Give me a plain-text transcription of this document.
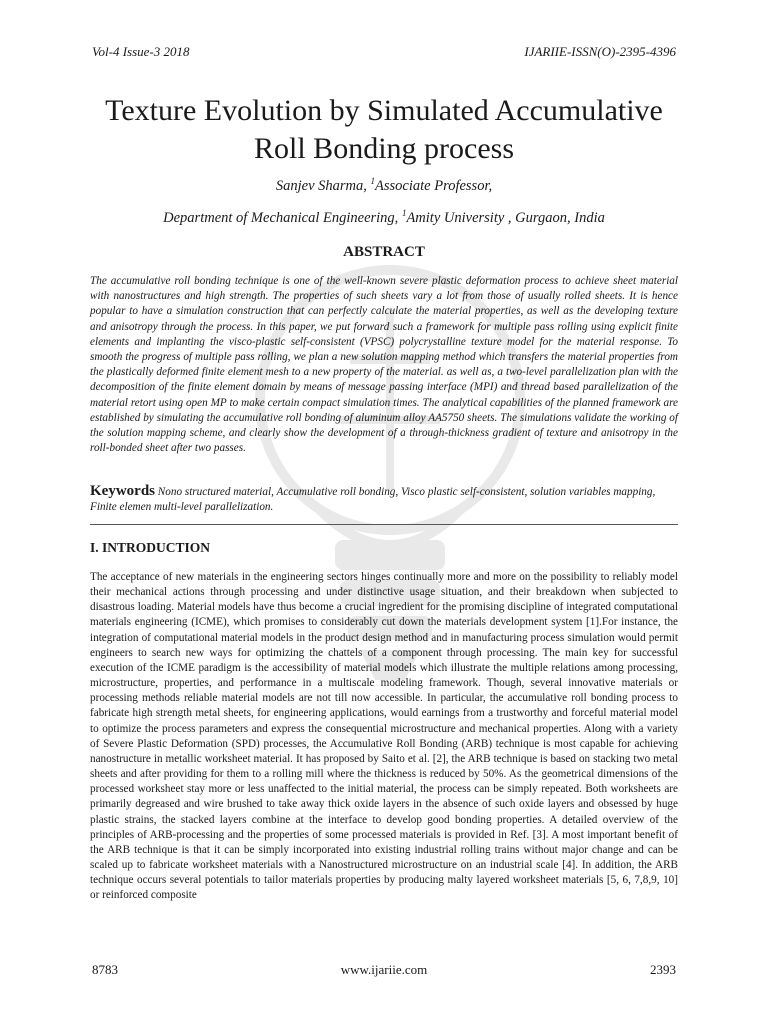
Vol-4 Issue-3 2018	IJARIIE-ISSN(O)-2395-4396
Texture Evolution by Simulated Accumulative
Roll Bonding process
Sanjev Sharma, $^1$Associate Professor,
Department of Mechanical Engineering, $^1$Amity University , Gurgaon, India
ABSTRACT

The accumulative roll bonding technique is one of the well-known severe plastic deformation process to achieve sheet material with nanostructures and high strength. The properties of such sheets vary a lot from those of usually rolled sheets. It is hence popular to have a simulation construction that can perfectly calculate the material properties, as well as the developing texture and anisotropy through the process. In this paper, we put forward such a framework for multiple pass rolling using explicit finite elements and implanting the visco-plastic self-consistent (VPSC) polycrystalline texture model for the material response. To smooth the progress of multiple pass rolling, we plan a new solution mapping method which transfers the material properties from the plastically deformed finite element mesh to a new property of the material. as well as, a two-level parallelization plan with the decomposition of the finite element domain by means of message passing interface (MPI) and thread based parallelization of the material retort using open MP to make certain compact simulation times. The analytical capabilities of the planned framework are established by simulating the accumulative roll bonding of aluminum alloy AA5750 sheets. The simulations validate the working of the solution mapping scheme, and clearly show the development of a through-thickness gradient of texture and anisotropy in the roll-bonded sheet after two passes.

Keywords Nono structured material, Accumulative roll bonding, Visco plastic self-consistent, solution variables mapping, Finite elemen multi-level parallelization.

I. INTRODUCTION

The acceptance of new materials in the engineering sectors hinges continually more and more on the possibility to reliably model their mechanical actions through processing and under distinctive usage situation, and their breakdown when subjected to disastrous loading. Material models have thus become a crucial ingredient for the promising discipline of integrated computational materials engineering (ICME), which promises to considerably cut down the materials development system [1].For instance, the integration of computational material models in the product design method and in manufacturing process simulation would permit engineers to search new ways for optimizing the chattels of a component through processing. The main key for successful execution of the ICME paradigm is the accessibility of material models which illustrate the multiple relations among processing, microstructure, properties, and performance in a multiscale modeling framework. Though, several innovative materials or processing methods reliable material models are not till now accessible. In particular, the accumulative roll bonding process to fabricate high strength metal sheets, for engineering applications, would earnings from a trustworthy and forceful material model to optimize the process parameters and express the consequential microstructure and mechanical properties. Along with a variety of Severe Plastic Deformation (SPD) processes, the Accumulative Roll Bonding (ARB) technique is most capable for achieving nanostructure in metallic worksheet material. It has proposed by Saito et al. [2], the ARB technique is based on stacking two metal sheets and after providing for them to a rolling mill where the thickness is reduced by 50%. As the geometrical dimensions of the processed worksheet stay more or less unaffected to the initial material, the process can be simply repeated. Both worksheets are primarily degreased and wire brushed to take away thick oxide layers in the absence of such oxide layers and obsessed by huge plastic strains, the stacked layers combine at the interface to develop good bonding properties. A detailed overview of the principles of ARB-processing and the properties of some processed materials is provided in Ref. [3]. A most important benefit of the ARB technique is that it can be simply incorporated into existing industrial rolling trains without major change and can be scaled up to fabricate worksheet materials with a Nanostructured microstructure on an industrial scale [4]. In addition, the ARB technique occurs several potentials to tailor materials properties by producing malty layered worksheet materials [5, 6, 7,8,9, 10] or reinforced composite

8783	www.ijariie.com	2393
